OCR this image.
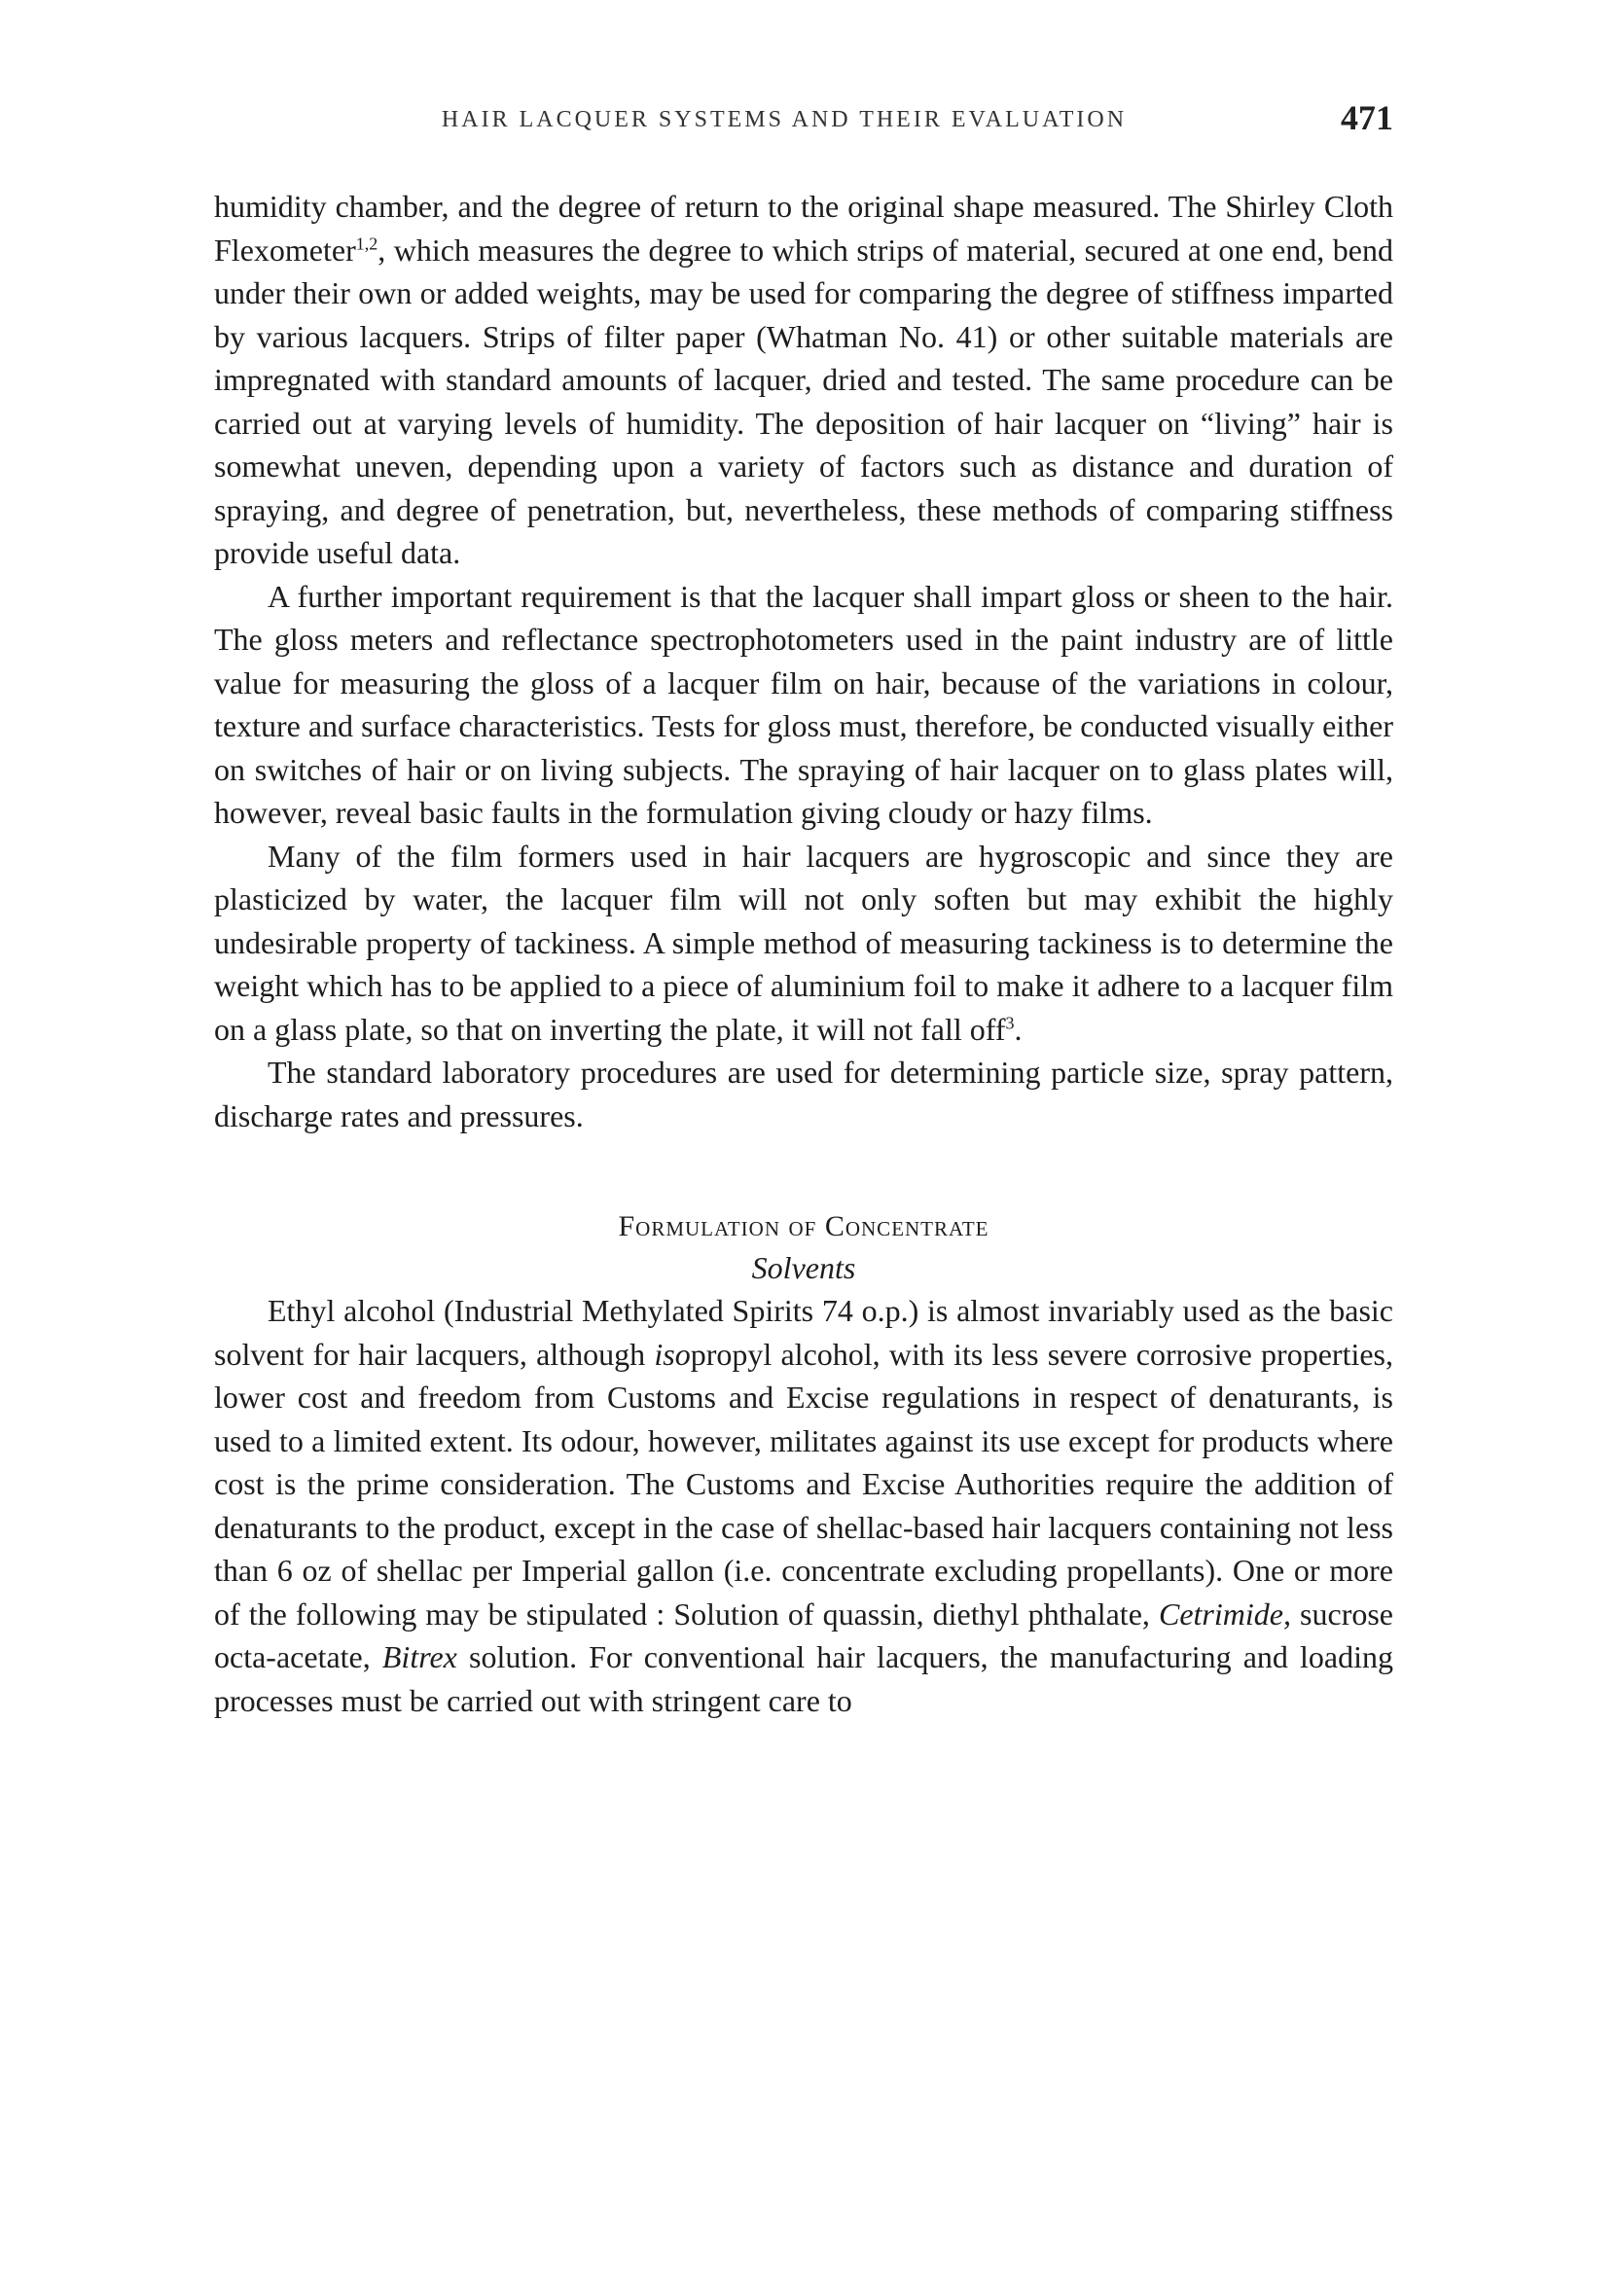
HAIR LACQUER SYSTEMS AND THEIR EVALUATION	471

humidity chamber, and the degree of return to the original shape measured. The Shirley Cloth Flexometer$^{1,2}$, which measures the degree to which strips of material, secured at one end, bend under their own or added weights, may be used for comparing the degree of stiffness imparted by various lacquers. Strips of filter paper (Whatman No. 41) or other suitable materials are impregnated with standard amounts of lacquer, dried and tested. The same procedure can be carried out at varying levels of humidity. The deposition of hair lacquer on “living” hair is somewhat uneven, depending upon a variety of factors such as distance and duration of spraying, and degree of penetration, but, nevertheless, these methods of comparing stiffness provide useful data.

A further important requirement is that the lacquer shall impart gloss or sheen to the hair. The gloss meters and reflectance spectrophotometers used in the paint industry are of little value for measuring the gloss of a lacquer film on hair, because of the variations in colour, texture and surface characteristics. Tests for gloss must, therefore, be conducted visually either on switches of hair or on living subjects. The spraying of hair lacquer on to glass plates will, however, reveal basic faults in the formulation giving cloudy or hazy films.

Many of the film formers used in hair lacquers are hygroscopic and since they are plasticized by water, the lacquer film will not only soften but may exhibit the highly undesirable property of tackiness. A simple method of measuring tackiness is to determine the weight which has to be applied to a piece of aluminium foil to make it adhere to a lacquer film on a glass plate, so that on inverting the plate, it will not fall off$^3$.

The standard laboratory procedures are used for determining particle size, spray pattern, discharge rates and pressures.

Formulation of Concentrate
Solvents

Ethyl alcohol (Industrial Methylated Spirits 74 o.p.) is almost invariably used as the basic solvent for hair lacquers, although isopropyl alcohol, with its less severe corrosive properties, lower cost and freedom from Customs and Excise regulations in respect of denaturants, is used to a limited extent. Its odour, however, militates against its use except for products where cost is the prime consideration. The Customs and Excise Authorities require the addition of denaturants to the product, except in the case of shellac-based hair lacquers containing not less than 6 oz of shellac per Imperial gallon (i.e. concentrate excluding propellants). One or more of the following may be stipulated : Solution of quassin, diethyl phthalate, Cetrimide, sucrose octa-acetate, Bitrex solution. For conventional hair lacquers, the manufacturing and loading processes must be carried out with stringent care to
